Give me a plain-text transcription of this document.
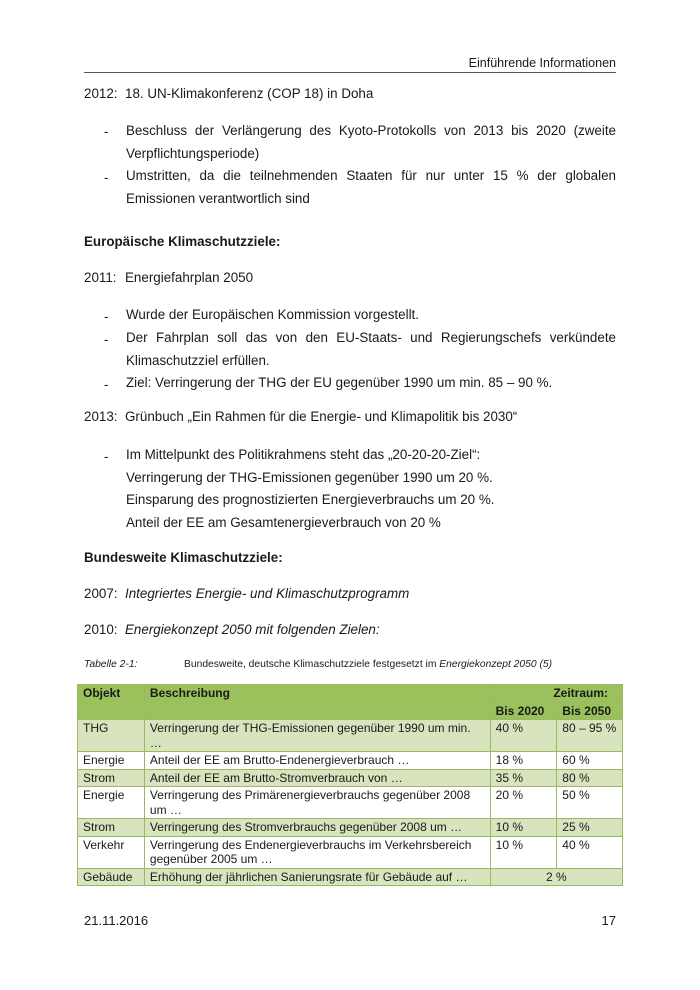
Einführende Informationen
2012: 18. UN-Klimakonferenz (COP 18) in Doha
- Beschluss der Verlängerung des Kyoto-Protokolls von 2013 bis 2020 (zweite Verpflichtungsperiode)
- Umstritten, da die teilnehmenden Staaten für nur unter 15 % der globalen Emissionen verantwortlich sind
Europäische Klimaschutzziele:
2011: Energiefahrplan 2050
- Wurde der Europäischen Kommission vorgestellt.
- Der Fahrplan soll das von den EU-Staats- und Regierungschefs verkündete Klimaschutzziel erfüllen.
- Ziel: Verringerung der THG der EU gegenüber 1990 um min. 85 – 90 %.
2013: Grünbuch „Ein Rahmen für die Energie- und Klimapolitik bis 2030“
- Im Mittelpunkt des Politikrahmens steht das „20-20-20-Ziel“:
Verringerung der THG-Emissionen gegenüber 1990 um 20 %.
Einsparung des prognostizierten Energieverbrauchs um 20 %.
Anteil der EE am Gesamtenergieverbrauch von 20 %
Bundesweite Klimaschutzziele:
2007: Integriertes Energie- und Klimaschutzprogramm
2010: Energiekonzept 2050 mit folgenden Zielen:
Tabelle 2-1:	Bundesweite, deutsche Klimaschutzziele festgesetzt im Energiekonzept 2050 (5)
Objekt	Beschreibung	Zeitraum:	
		Bis 2020	Bis 2050
THG	Verringerung der THG-Emissionen gegenüber 1990 um min. …	40 %	80 – 95 %
Energie	Anteil der EE am Brutto-Endenergieverbrauch …	18 %	60 %
Strom	Anteil der EE am Brutto-Stromverbrauch von …	35 %	80 %
Energie	Verringerung des Primärenergieverbrauchs gegenüber 2008 um …	20 %	50 %
Strom	Verringerung des Stromverbrauchs gegenüber 2008 um …	10 %	25 %
Verkehr	Verringerung des Endenergieverbrauchs im Verkehrsbereich gegenüber 2005 um …	10 %	40 %
Gebäude	Erhöhung der jährlichen Sanierungsrate für Gebäude auf …	2 %	
21.11.2016	17
